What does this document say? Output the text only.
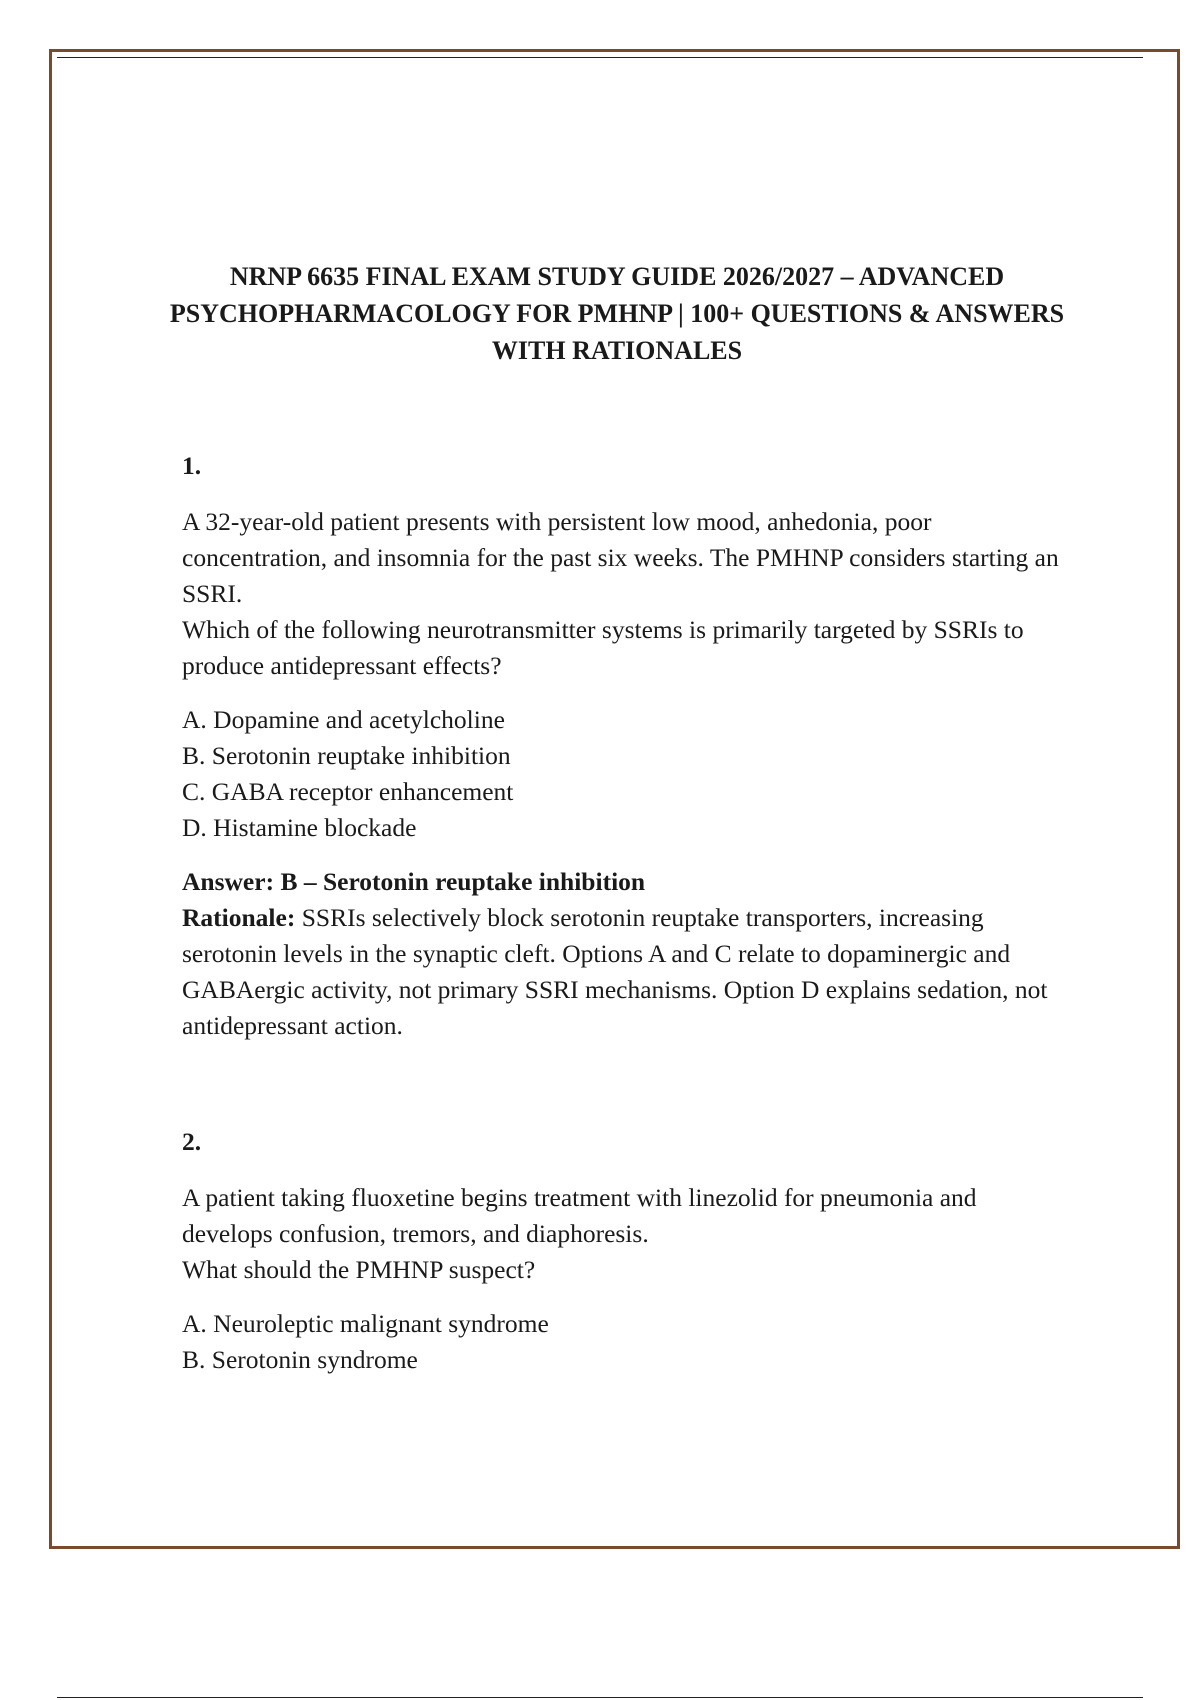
NRNP 6635 FINAL EXAM STUDY GUIDE 2026/2027 – ADVANCED PSYCHOPHARMACOLOGY FOR PMHNP | 100+ QUESTIONS & ANSWERS WITH RATIONALES

1.

A 32-year-old patient presents with persistent low mood, anhedonia, poor concentration, and insomnia for the past six weeks. The PMHNP considers starting an SSRI.
Which of the following neurotransmitter systems is primarily targeted by SSRIs to produce antidepressant effects?

A. Dopamine and acetylcholine
B. Serotonin reuptake inhibition
C. GABA receptor enhancement
D. Histamine blockade
Answer: B – Serotonin reuptake inhibition
Rationale: SSRIs selectively block serotonin reuptake transporters, increasing serotonin levels in the synaptic cleft. Options A and C relate to dopaminergic and GABAergic activity, not primary SSRI mechanisms. Option D explains sedation, not antidepressant action.

2.

A patient taking fluoxetine begins treatment with linezolid for pneumonia and develops confusion, tremors, and diaphoresis.
What should the PMHNP suspect?

A. Neuroleptic malignant syndrome
B. Serotonin syndrome
